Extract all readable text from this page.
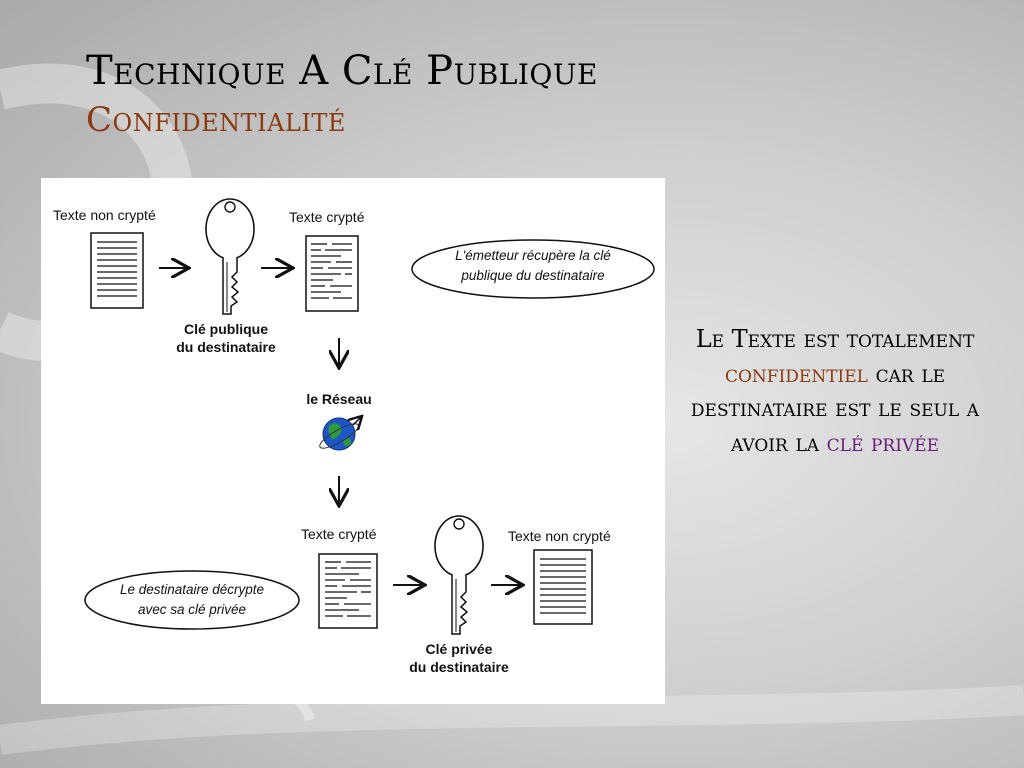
Technique A Clé Publique
Confidentialité
Texte non crypté	Texte crypté
Clé publique
du destinataire
L'émetteur récupère la clé
publique du destinataire
le Réseau
Texte crypté	Texte non crypté
Le destinataire décrypte
avec sa clé privée
Clé privée
du destinataire
Le Texte est totalement confidentiel car le destinataire est le seul a avoir la clé privée
